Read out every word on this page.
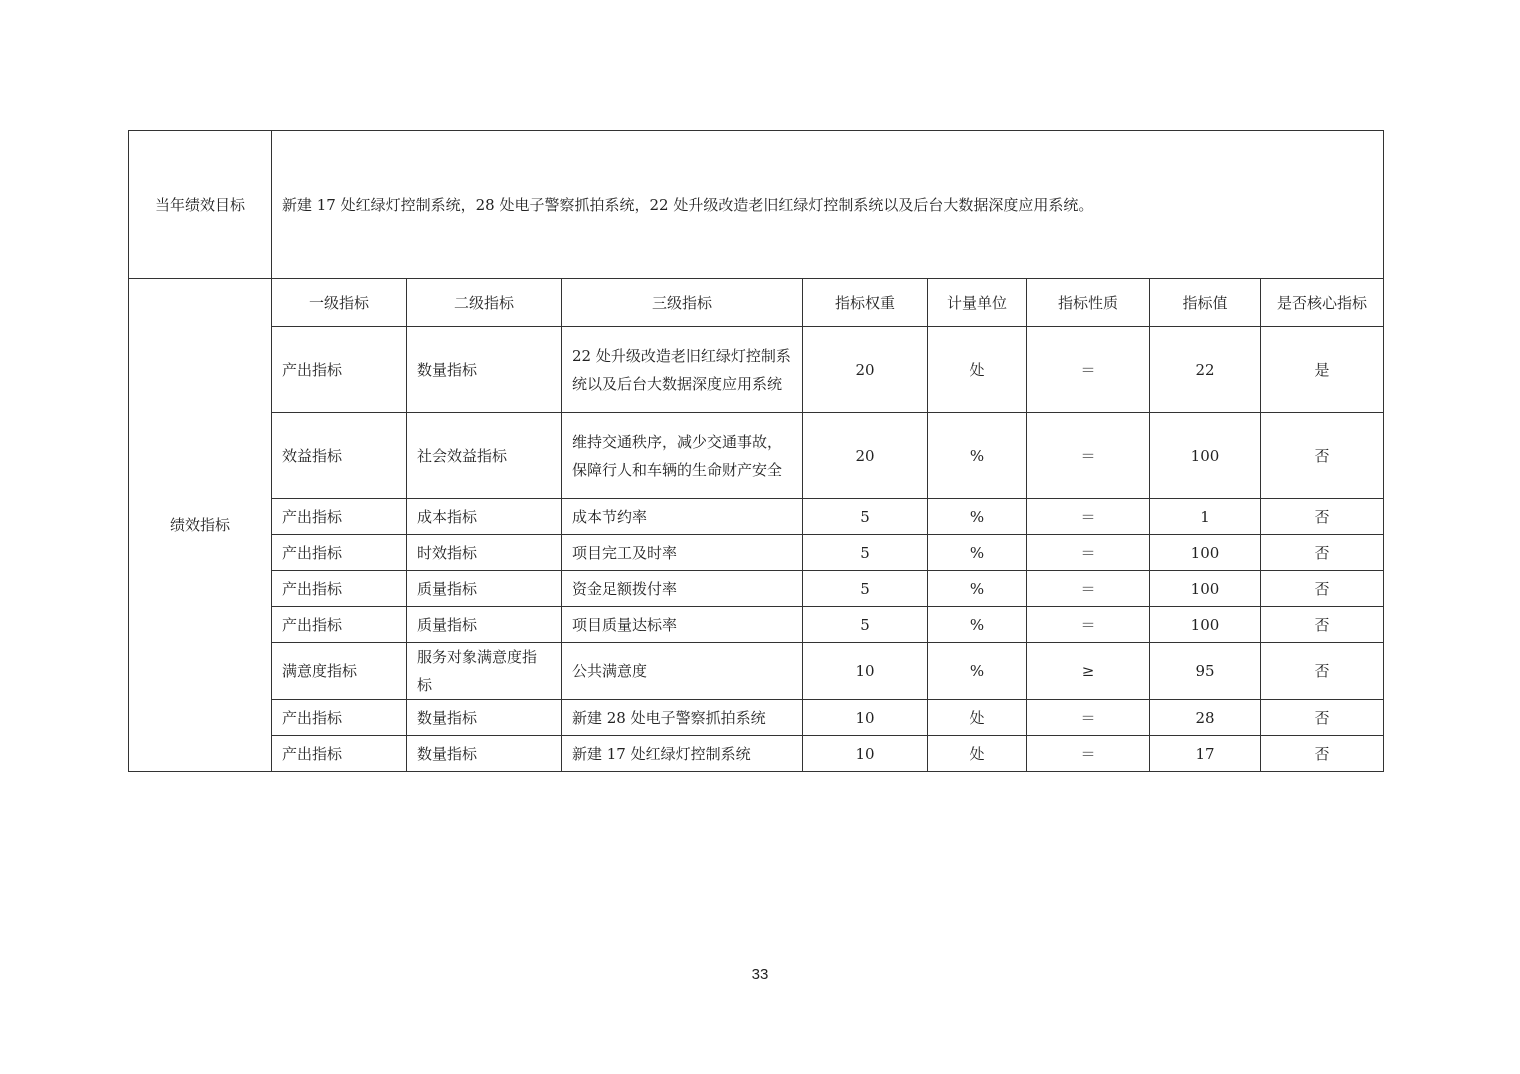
当年绩效目标	新建 17 处红绿灯控制系统，28 处电子警察抓拍系统，22 处升级改造老旧红绿灯控制系统以及后台大数据深度应用系统。							
绩效指标	一级指标	二级指标	三级指标	指标权重	计量单位	指标性质	指标值	是否核心指标
	产出指标	数量指标	22 处升级改造老旧红绿灯控制系统以及后台大数据深度应用系统	20	处	＝	22	是
	效益指标	社会效益指标	维持交通秩序，减少交通事故，保障行人和车辆的生命财产安全	20	%	＝	100	否
	产出指标	成本指标	成本节约率	5	%	＝	1	否
	产出指标	时效指标	项目完工及时率	5	%	＝	100	否
	产出指标	质量指标	资金足额拨付率	5	%	＝	100	否
	产出指标	质量指标	项目质量达标率	5	%	＝	100	否
	满意度指标	服务对象满意度指标	公共满意度	10	%	≥	95	否
	产出指标	数量指标	新建 28 处电子警察抓拍系统	10	处	＝	28	否
	产出指标	数量指标	新建 17 处红绿灯控制系统	10	处	＝	17	否
33
